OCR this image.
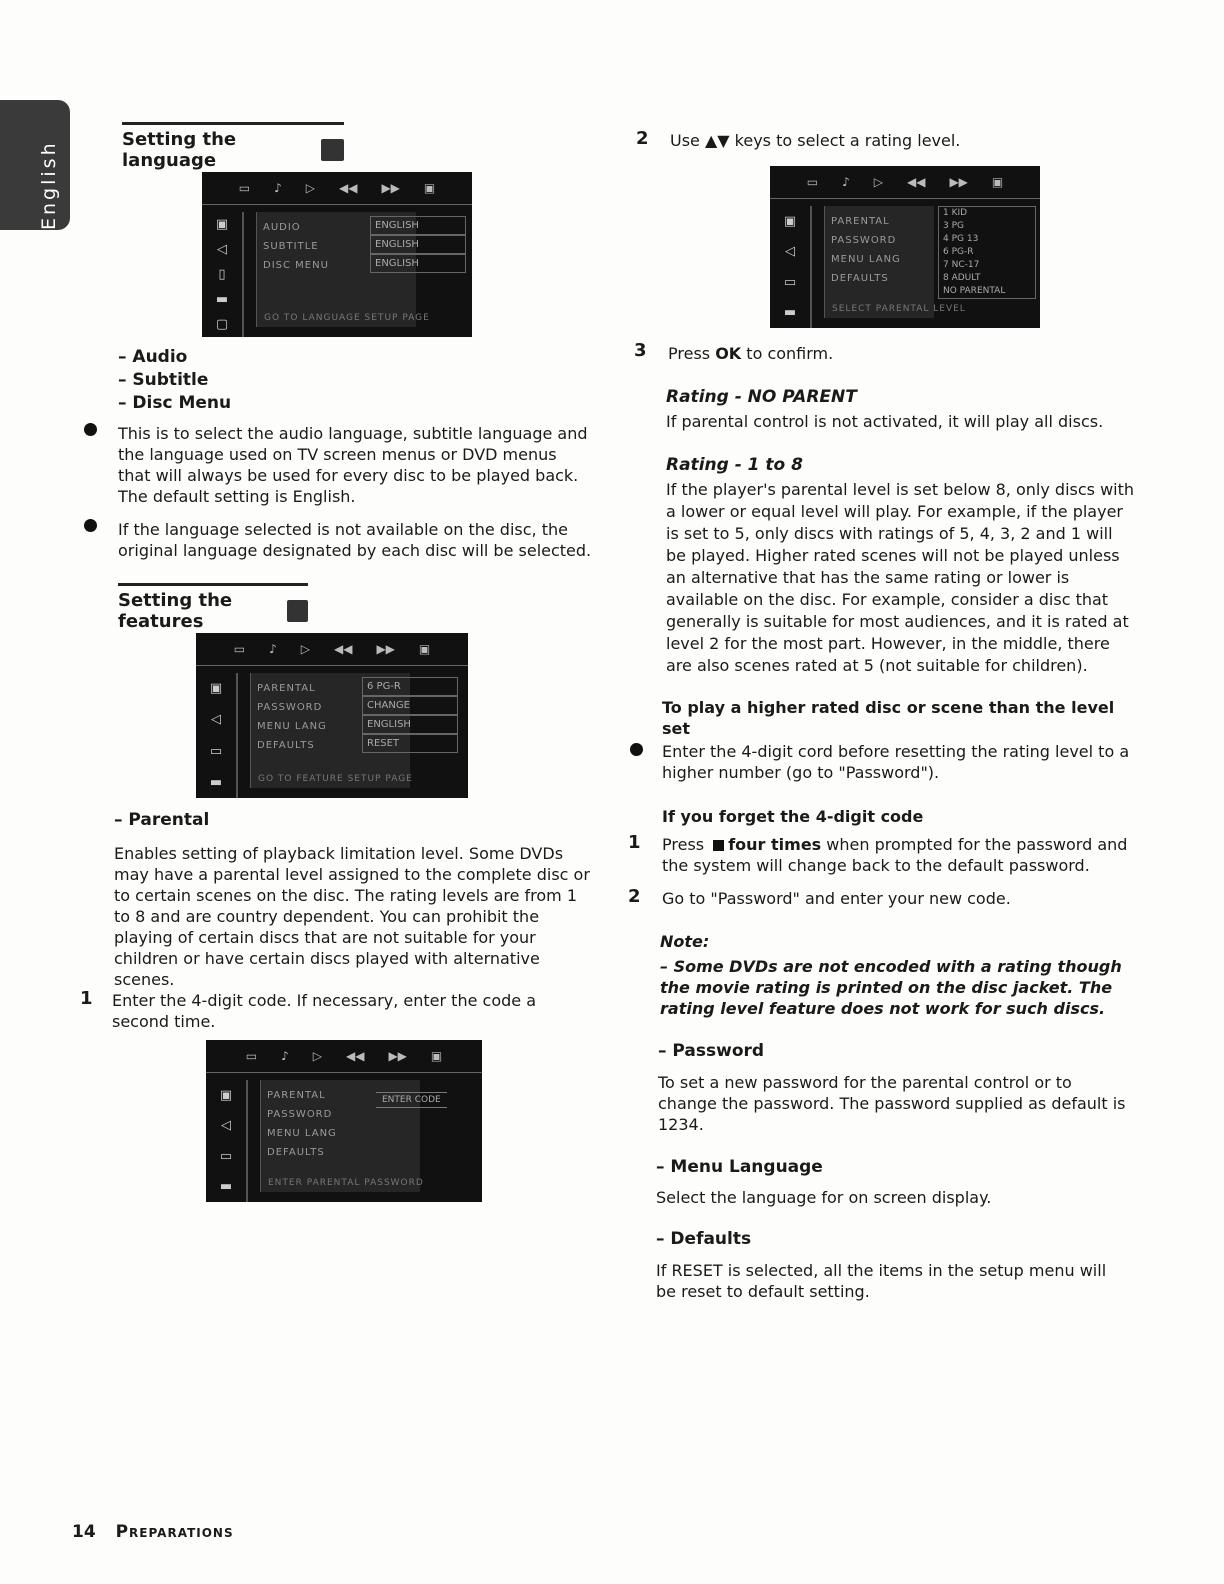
English
Setting the language
▭ ♪ ▷ ◀◀ ▶▶ ▣
▣
◁
▯
▬
▢
AUDIO
SUBTITLE
DISC MENU
ENGLISH
ENGLISH
ENGLISH
GO TO LANGUAGE SETUP PAGE
– Audio
– Subtitle
– Disc Menu
This is to select the audio language, subtitle language and the language used on TV screen menus or DVD menus that will always be used for every disc to be played back. The default setting is English.
If the language selected is not available on the disc, the original language designated by each disc will be selected.
Setting the features
▭ ♪ ▷ ◀◀ ▶▶ ▣
▣
◁
▭
▬
PARENTAL
PASSWORD
MENU LANG
DEFAULTS
6 PG-R
CHANGE
ENGLISH
RESET
GO TO FEATURE SETUP PAGE
– Parental
Enables setting of playback limitation level. Some DVDs may have a parental level assigned to the complete disc or to certain scenes on the disc. The rating levels are from 1 to 8 and are country dependent. You can prohibit the playing of certain discs that are not suitable for your children or have certain discs played with alternative scenes.
1 Enter the 4-digit code. If necessary, enter the code a second time.
▭ ♪ ▷ ◀◀ ▶▶ ▣
▣
◁
▭
▬
PARENTAL
PASSWORD
MENU LANG
DEFAULTS
ENTER CODE
ENTER PARENTAL PASSWORD
14 Preparations
2 Use ▲▼ keys to select a rating level.
▭ ♪ ▷ ◀◀ ▶▶ ▣
▣
◁
▭
▬
PARENTAL
PASSWORD
MENU LANG
DEFAULTS
1 KID
3 PG
4 PG 13
6 PG-R
7 NC-17
8 ADULT
NO PARENTAL
SELECT PARENTAL LEVEL
3 Press OK to confirm.
Rating - NO PARENT
If parental control is not activated, it will play all discs.
Rating - 1 to 8
If the player's parental level is set below 8, only discs with a lower or equal level will play. For example, if the player is set to 5, only discs with ratings of 5, 4, 3, 2 and 1 will be played. Higher rated scenes will not be played unless an alternative that has the same rating or lower is available on the disc. For example, consider a disc that generally is suitable for most audiences, and it is rated at level 2 for the most part. However, in the middle, there are also scenes rated at 5 (not suitable for children).
To play a higher rated disc or scene than the level set
Enter the 4-digit cord before resetting the rating level to a higher number (go to "Password").
If you forget the 4-digit code
1 Press four times when prompted for the password and the system will change back to the default password.
2 Go to "Password" and enter your new code.
Note:
– Some DVDs are not encoded with a rating though the movie rating is printed on the disc jacket. The rating level feature does not work for such discs.
– Password
To set a new password for the parental control or to change the password. The password supplied as default is 1234.
– Menu Language
Select the language for on screen display.
– Defaults
If RESET is selected, all the items in the setup menu will be reset to default setting.
